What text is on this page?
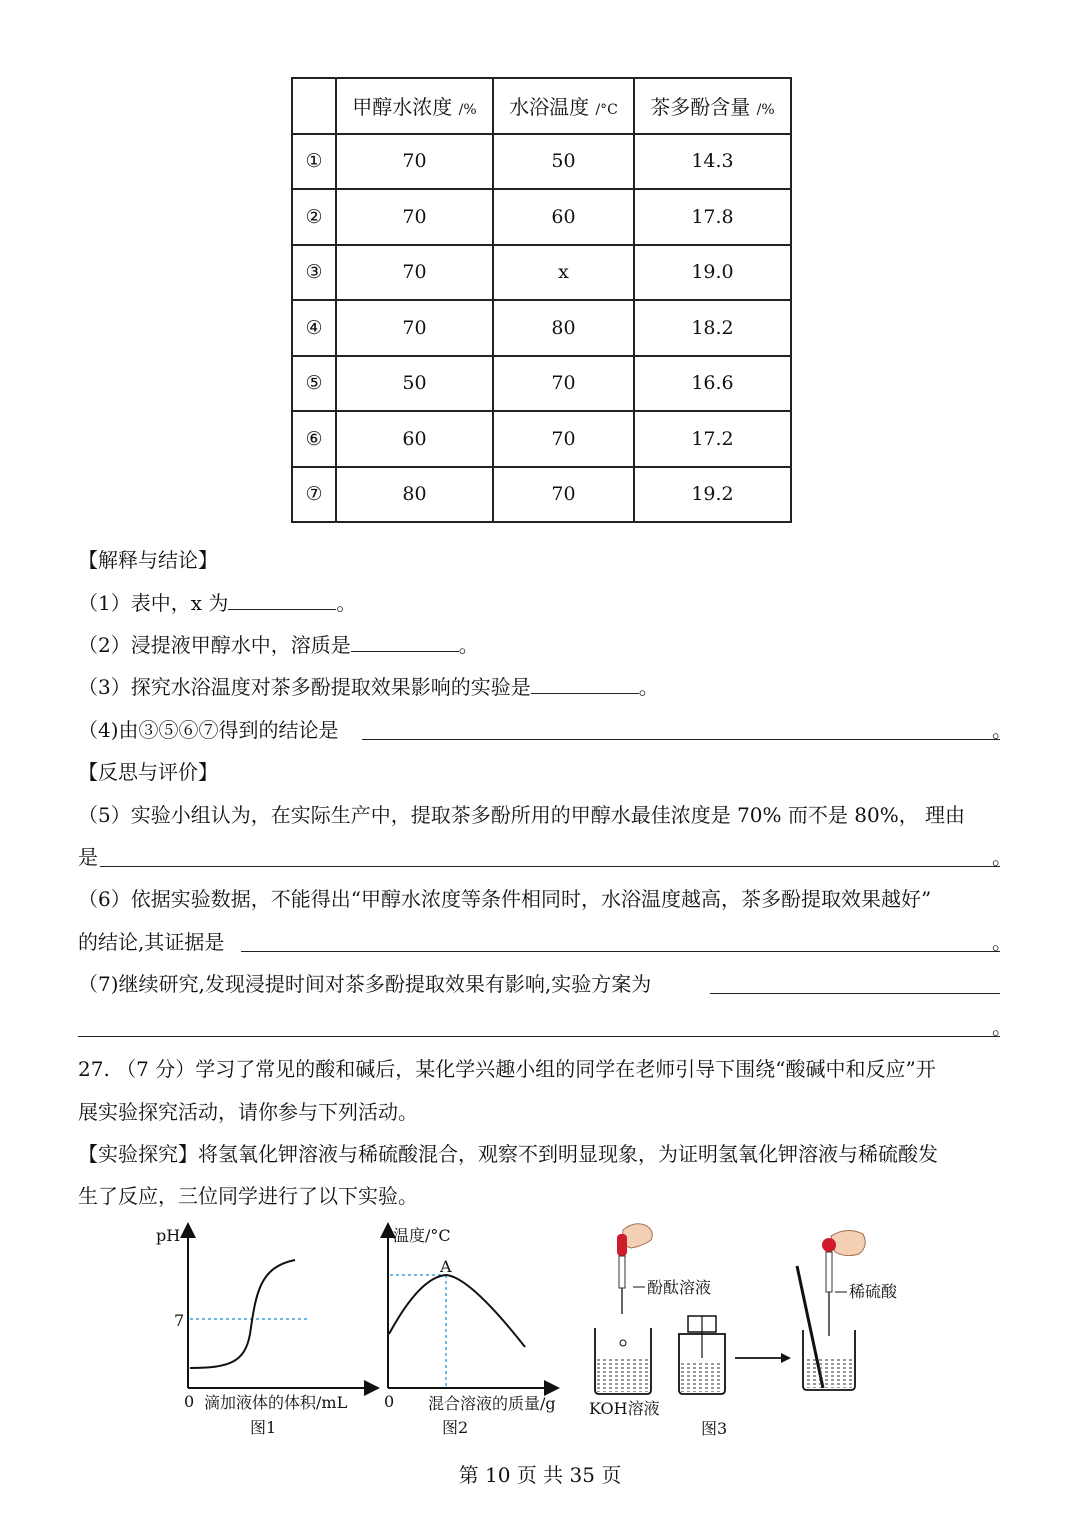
	甲醇水浓度 /%	水浴温度 /°C	茶多酚含量 /%
①	70	50	14.3
②	70	60	17.8
③	70	x	19.0
④	70	80	18.2
⑤	50	70	16.6
⑥	60	70	17.2
⑦	80	70	19.2
【解释与结论】
（1）表中，x 为	。
（2）浸提液甲醇水中，溶质是	。
（3）探究水浴温度对茶多酚提取效果影响的实验是	。
（4)由③⑤⑥⑦得到的结论是	。
【反思与评价】
（5）实验小组认为，在实际生产中，提取茶多酚所用的甲醇水最佳浓度是 70% 而不是 80%， 理由
是	。
（6）依据实验数据，不能得出“甲醇水浓度等条件相同时，水浴温度越高，茶多酚提取效果越好”
的结论,其证据是	。
（7)继续研究,发现浸提时间对茶多酚提取效果有影响,实验方案为
。
27. （7 分）学习了常见的酸和碱后，某化学兴趣小组的同学在老师引导下围绕“酸碱中和反应”开
展实验探究活动，请你参与下列活动。
【实验探究】将氢氧化钾溶液与稀硫酸混合，观察不到明显现象，为证明氢氧化钾溶液与稀硫酸发
生了反应，三位同学进行了以下实验。
pH
7
0 滴加液体的体积/mL
图1
温度/°C
A
0 混合溶液的质量/g
图2
酚酞溶液
KOH溶液
图3
稀硫酸
第 10 页 共 35 页
